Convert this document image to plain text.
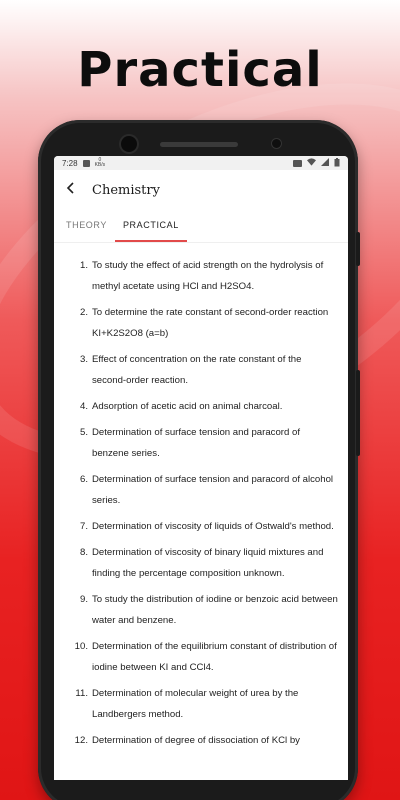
Practical
7:28	0
KB/s
Chemistry
THEORY	PRACTICAL
1. To study the effect of acid strength on the hydrolysis of methyl acetate using HCl and H2SO4.
2. To determine the rate constant of second-order reaction KI+K2S2O8 (a=b)
3. Effect of concentration on the rate constant of the second-order reaction.
4. Adsorption of acetic acid on animal charcoal.
5. Determination of surface tension and paracord of benzene series.
6. Determination of surface tension and paracord of alcohol series.
7. Determination of viscosity of liquids of Ostwald's method.
8. Determination of viscosity of binary liquid mixtures and finding the percentage composition unknown.
9. To study the distribution of iodine or benzoic acid between water and benzene.
10. Determination of the equilibrium constant of distribution of iodine between KI and CCl4.
11. Determination of molecular weight of urea by the Landbergers method.
12. Determination of degree of dissociation of KCl by
